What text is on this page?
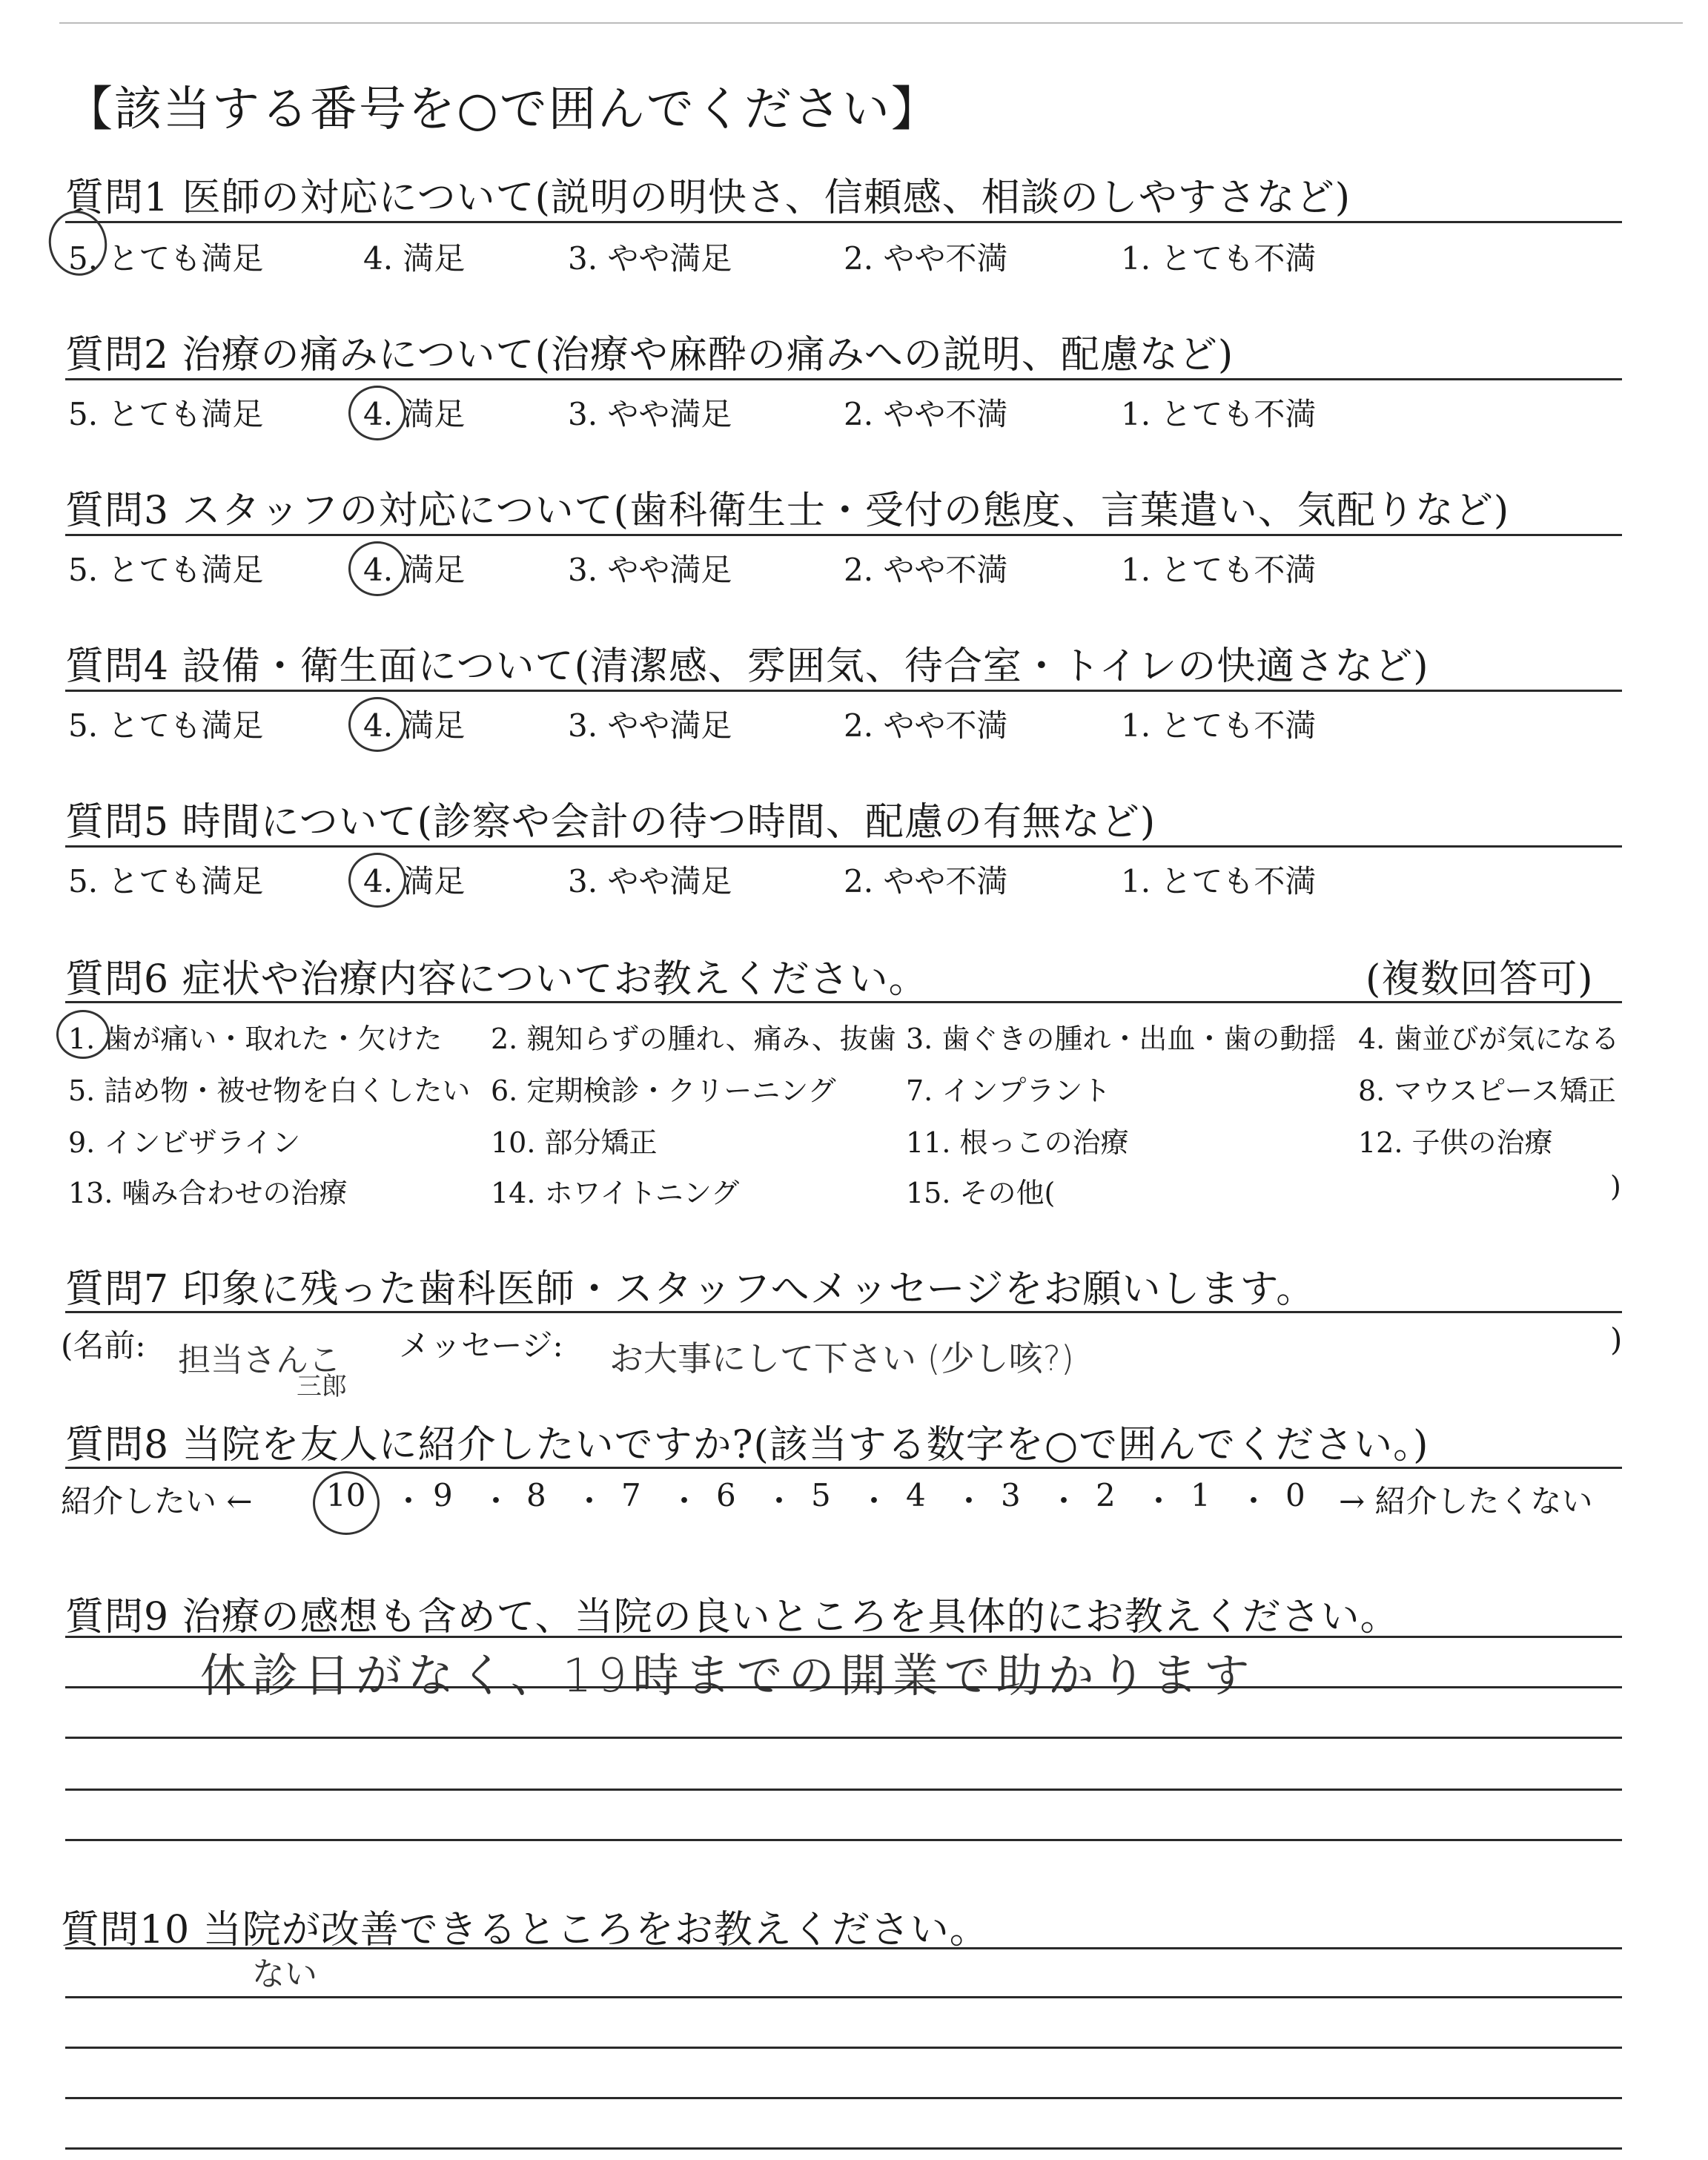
【該当する番号を○で囲んでください】
質問1 医師の対応について(説明の明快さ、信頼感、相談のしやすさなど)
5. とても満足	4. 満足	3. やや満足	2. やや不満	1. とても不満
質問2 治療の痛みについて(治療や麻酔の痛みへの説明、配慮など)
5. とても満足	4. 満足	3. やや満足	2. やや不満	1. とても不満
質問3 スタッフの対応について(歯科衛生士・受付の態度、言葉遣い、気配りなど)
5. とても満足	4. 満足	3. やや満足	2. やや不満	1. とても不満
質問4 設備・衛生面について(清潔感、雰囲気、待合室・トイレの快適さなど)
5. とても満足	4. 満足	3. やや満足	2. やや不満	1. とても不満
質問5 時間について(診察や会計の待つ時間、配慮の有無など)
5. とても満足	4. 満足	3. やや満足	2. やや不満	1. とても不満
質問6 症状や治療内容についてお教えください。	(複数回答可)
1. 歯が痛い・取れた・欠けた 2. 親知らずの腫れ、痛み、抜歯 3. 歯ぐきの腫れ・出血・歯の動揺 4. 歯並びが気になる
5. 詰め物・被せ物を白くしたい 6. 定期検診・クリーニング 7. インプラント	8. マウスピース矯正
9. インビザライン	10. 部分矯正	11. 根っこの治療	12. 子供の治療
13. 噛み合わせの治療	14. ホワイトニング	15. その他(	)
質問7 印象に残った歯科医師・スタッフへメッセージをお願いします。
(名前: 担当さんこ
三郎
メッセージ: お大事にして下さい (少し咳?)	)
質問8 当院を友人に紹介したいですか?(該当する数字を○で囲んでください。)
紹介したい ←	→ 紹介したくない
10 ・ 9 ・ 8 ・ 7 ・ 6 ・ 5 ・ 4 ・ 3 ・ 2 ・ 1 ・ 0
質問9 治療の感想も含めて、当院の良いところを具体的にお教えください。
休診日がなく、19時までの開業で助かります
質問10 当院が改善できるところをお教えください。
ない
